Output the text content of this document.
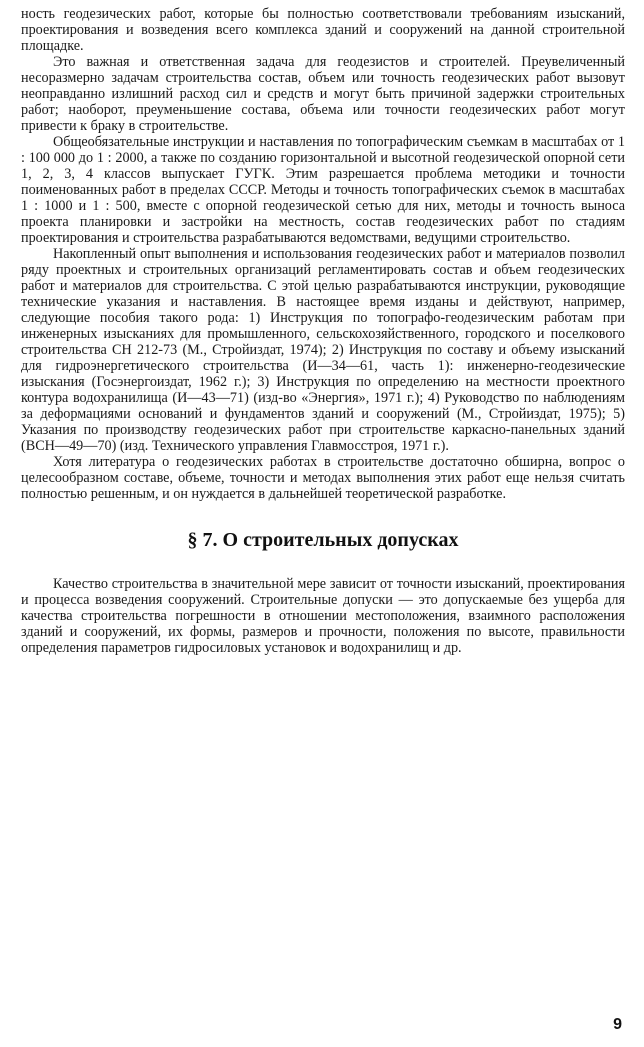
ность геодезических работ, которые бы полностью соответствовали требованиям изысканий, проектирования и возведения всего комплекса зданий и сооружений на данной строительной площадке.

Это важная и ответственная задача для геодезистов и строителей. Преувеличенный несоразмерно задачам строительства состав, объем или точность геодезических работ вызовут неоправданно излишний расход сил и средств и могут быть причиной задержки строительных работ; наоборот, преуменьшение состава, объема или точности геодезических работ могут привести к браку в строительстве.

Общеобязательные инструкции и наставления по топографическим съемкам в масштабах от 1 : 100 000 до 1 : 2000, а также по созданию горизонтальной и высотной геодезической опорной сети 1, 2, 3, 4 классов выпускает ГУГК. Этим разрешается проблема методики и точности поименованных работ в пределах СССР. Методы и точность топографических съемок в масштабах 1 : 1000 и 1 : 500, вместе с опорной геодезической сетью для них, методы и точность выноса проекта планировки и застройки на местность, состав геодезических работ по стадиям проектирования и строительства разрабатываются ведомствами, ведущими строительство.

Накопленный опыт выполнения и использования геодезических работ и материалов позволил ряду проектных и строительных организаций регламентировать состав и объем геодезических работ и материалов для строительства. С этой целью разрабатываются инструкции, руководящие технические указания и наставления. В настоящее время изданы и действуют, например, следующие пособия такого рода: 1) Инструкция по топографо-геодезическим работам при инженерных изысканиях для промышленного, сельскохозяйственного, городского и поселкового строительства СН 212-73 (М., Стройиздат, 1974); 2) Инструкция по составу и объему изысканий для гидроэнергетического строительства (И—34—61, часть 1): инженерно-геодезические изыскания (Госэнергоиздат, 1962 г.); 3) Инструкция по определению на местности проектного контура водохранилища (И—43—71) (изд-во «Энергия», 1971 г.); 4) Руководство по наблюдениям за деформациями оснований и фундаментов зданий и сооружений (М., Стройиздат, 1975); 5) Указания по производству геодезических работ при строительстве каркасно-панельных зданий (ВСН—49—70) (изд. Технического управления Главмосстроя, 1971 г.).

Хотя литература о геодезических работах в строительстве достаточно обширна, вопрос о целесообразном составе, объеме, точности и методах выполнения этих работ еще нельзя считать полностью решенным, и он нуждается в дальнейшей теоретической разработке.

§ 7. О строительных допусках

Качество строительства в значительной мере зависит от точности изысканий, проектирования и процесса возведения сооружений. Строительные допуски — это допускаемые без ущерба для качества строительства погрешности в отношении местоположения, взаимного расположения зданий и сооружений, их формы, размеров и прочности, положения по высоте, правильности определения параметров гидросиловых установок и водохранилищ и др.

9
